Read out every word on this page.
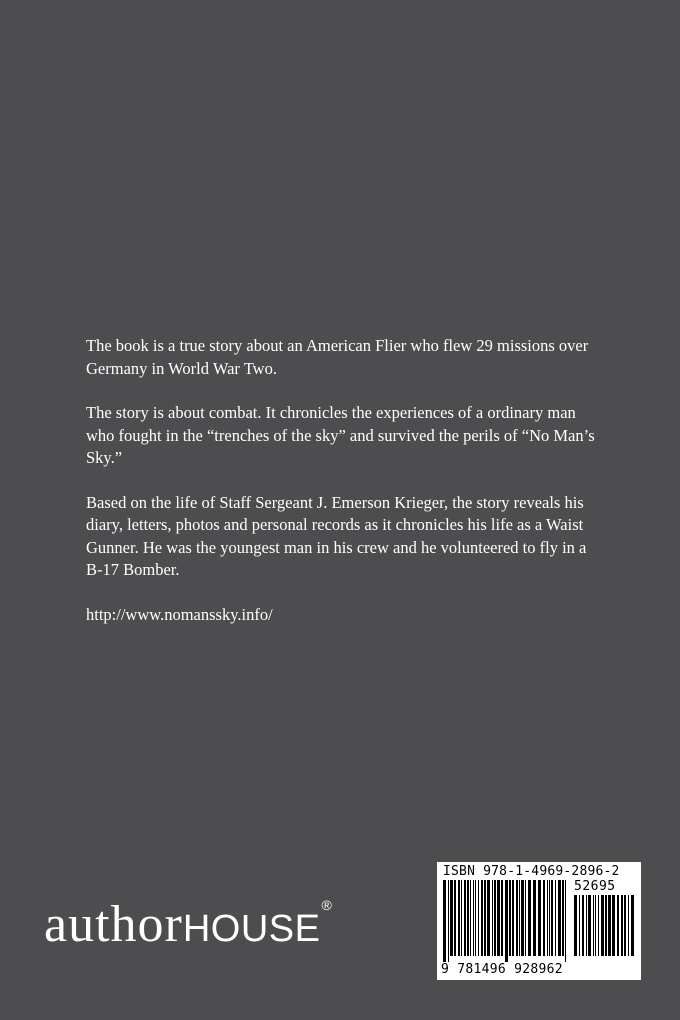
The book is a true story about an American Flier who flew 29 missions over Germany in World War Two.

The story is about combat. It chronicles the experiences of a ordinary man who fought in the “trenches of the sky” and survived the perils of “No Man’s Sky.”

Based on the life of Staff Sergeant J. Emerson Krieger, the story reveals his diary, letters, photos and personal records as it chronicles his life as a Waist Gunner. He was the youngest man in his crew and he volunteered to fly in a B-17 Bomber.

http://www.nomanssky.info/

authorHOUSE®
ISBN 978-1-4969-2896-2
52695
9 781496 928962
